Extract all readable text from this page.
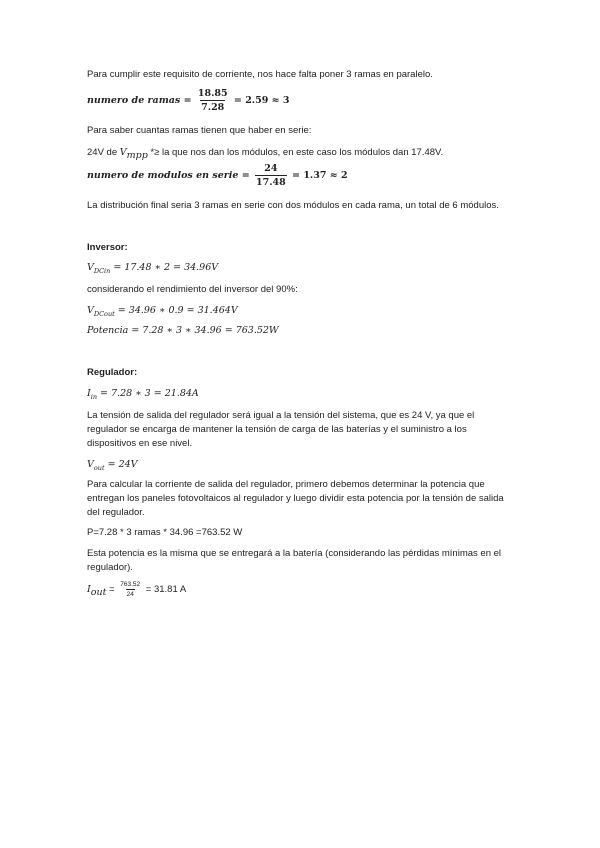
Para cumplir este requisito de corriente, nos hace falta poner 3 ramas en paralelo.
numero de ramas = $\frac{18.85}{7.28} = 2.59 \approx 3$
Para saber cuantas ramas tienen que haber en serie:
24V de $V_{mpp}$ *≥ la que nos dan los módulos, en este caso los módulos dan 17.48V.
numero de modulos en serie = $\frac{24}{17.48} = 1.37 \approx 2$
La distribución final seria 3 ramas en serie con dos módulos en cada rama, un total de 6 módulos.
Inversor:
$V_{DCin} = 17.48$ ∗ 2 = 34.96V
considerando el rendimiento del inversor del 90%:
$V_{DCout} = 34.96$ ∗ 0.9 = 31.464V
Potencia = 7.28 ∗ 3 ∗ 34.96 = 763.52W
Regulador:
$I_{in} = 7.28$ ∗ 3 = 21.84A
La tensión de salida del regulador será igual a la tensión del sistema, que es 24 V, ya que el regulador se encarga de mantener la tensión de carga de las baterías y el suministro a los dispositivos en ese nivel.
$V_{out} = 24V$
Para calcular la corriente de salida del regulador, primero debemos determinar la potencia que entregan los paneles fotovoltaicos al regulador y luego dividir esta potencia por la tensión de salida del regulador.
P=7.28 * 3 ramas * 34.96 =763.52 W
Esta potencia es la misma que se entregará a la batería (considerando las pérdidas mínimas en el regulador).
$I_{out} = \frac{763.52}{24} = 31.81$ A
